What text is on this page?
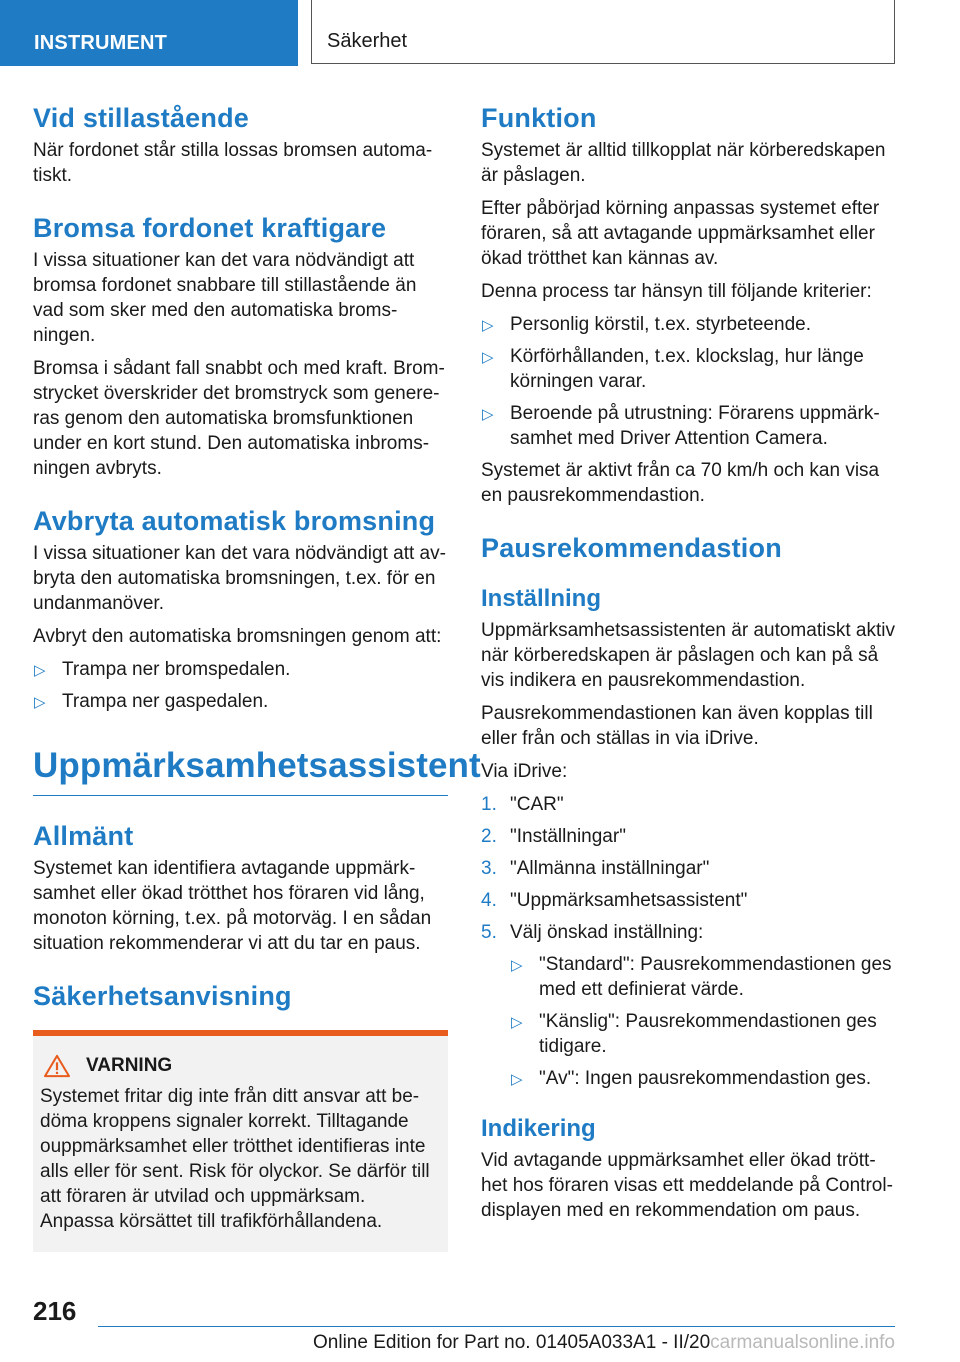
INSTRUMENT	Säkerhet
Vid stillastående

När fordonet står stilla lossas bromsen automa-tiskt.

Bromsa fordonet kraftigare

I vissa situationer kan det vara nödvändigt att bromsa fordonet snabbare till stillastående än vad som sker med den automatiska broms-ningen.

Bromsa i sådant fall snabbt och med kraft. Brom-strycket överskrider det bromstryck som genere-ras genom den automatiska bromsfunktionen under en kort stund. Den automatiska inbroms-ningen avbryts.

Avbryta automatisk bromsning

I vissa situationer kan det vara nödvändigt att av-bryta den automatiska bromsningen, t.ex. för en undanmanöver.

Avbryt den automatiska bromsningen genom att:

▷ Trampa ner bromspedalen.
▷ Trampa ner gaspedalen.
Uppmärksamhetsassistent
Allmänt

Systemet kan identifiera avtagande uppmärk-samhet eller ökad trötthet hos föraren vid lång, monoton körning, t.ex. på motorväg. I en sådan situation rekommenderar vi att du tar en paus.

Säkerhetsanvisning
VARNING

Systemet fritar dig inte från ditt ansvar att be-döma kroppens signaler korrekt. Tilltagande ouppmärksamhet eller trötthet identifieras inte alls eller för sent. Risk för olyckor. Se därför till att föraren är utvilad och uppmärksam. Anpassa körsättet till trafikförhållandena.

Funktion

Systemet är alltid tillkopplat när körberedskapen är påslagen.

Efter påbörjad körning anpassas systemet efter föraren, så att avtagande uppmärksamhet eller ökad trötthet kan kännas av.

Denna process tar hänsyn till följande kriterier:

▷ Personlig körstil, t.ex. styrbeteende.
▷ Körförhållanden, t.ex. klockslag, hur länge körningen varar.
▷ Beroende på utrustning: Förarens uppmärk-samhet med Driver Attention Camera.

Systemet är aktivt från ca 70 km/h och kan visa en pausrekommendastion.

Pausrekommendastion
Inställning

Uppmärksamhetsassistenten är automatiskt aktiv när körberedskapen är påslagen och kan på så vis indikera en pausrekommendastion.

Pausrekommendastionen kan även kopplas till eller från och ställas in via iDrive.

Via iDrive:

1. "CAR"
2. "Inställningar"
3. "Allmänna inställningar"
4. "Uppmärksamhetsassistent"
5. Välj önskad inställning:
▷ "Standard": Pausrekommendastionen ges med ett definierat värde.
▷ "Känslig": Pausrekommendastionen ges tidigare.
▷ "Av": Ingen pausrekommendastion ges.
Indikering

Vid avtagande uppmärksamhet eller ökad trött-het hos föraren visas ett meddelande på Control-displayen med en rekommendation om paus.

216
Online Edition for Part no. 01405A033A1 - II/20carmanualsonline.info
